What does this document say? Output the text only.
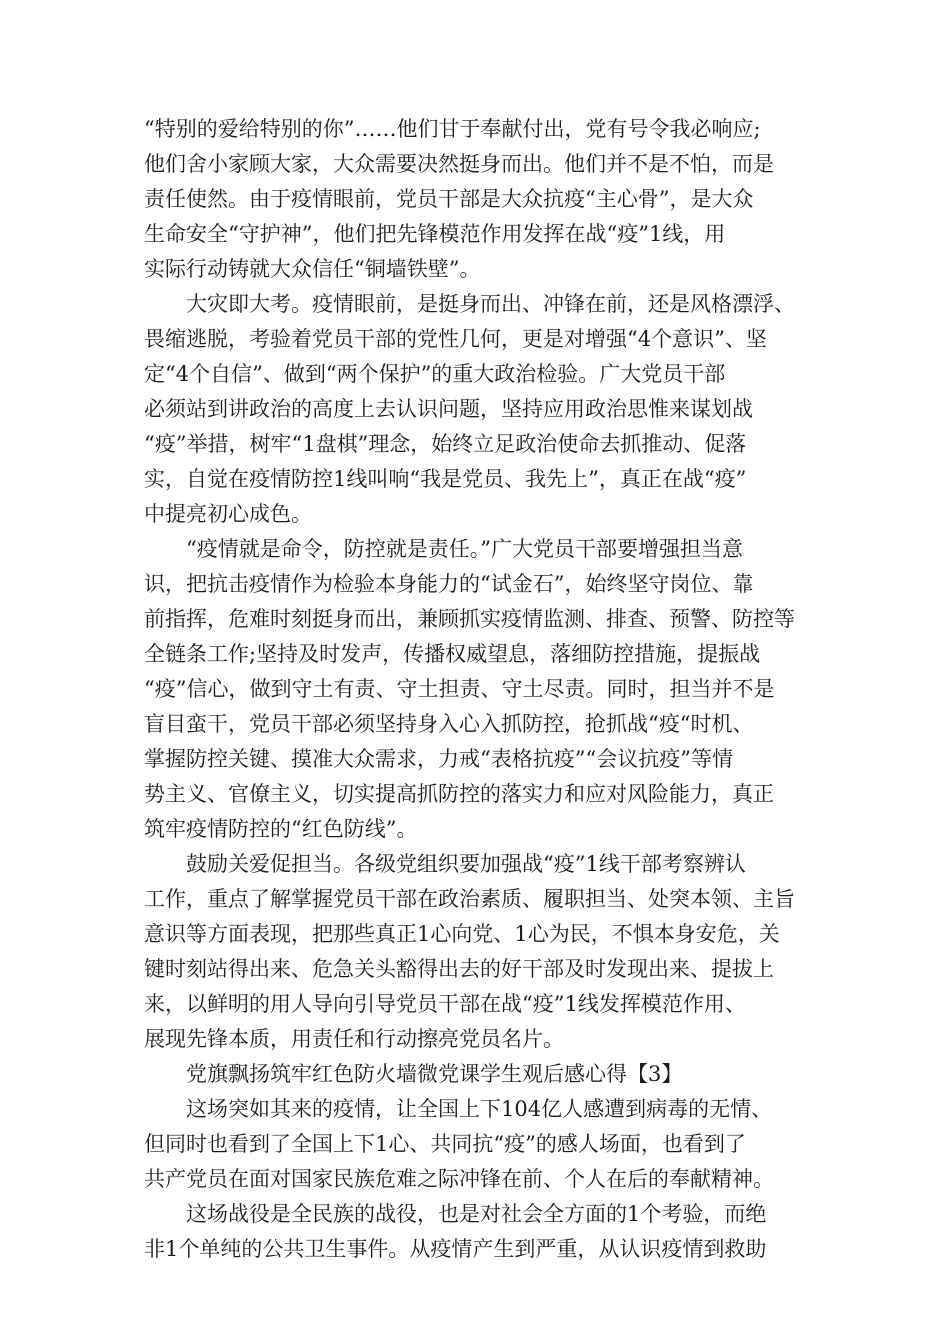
“特别的爱给特别的你”……他们甘于奉献付出，党有号令我必响应;
他们舍小家顾大家，大众需要决然挺身而出。他们并不是不怕，而是
责任使然。由于疫情眼前，党员干部是大众抗疫“主心骨”，是大众
生命安全“守护神”，他们把先锋模范作用发挥在战“疫”1线，用
实际行动铸就大众信任“铜墙铁壁”。
大灾即大考。疫情眼前，是挺身而出、冲锋在前，还是风格漂浮、
畏缩逃脱，考验着党员干部的党性几何，更是对增强“4个意识”、坚
定“4个自信”、做到“两个保护”的重大政治检验。广大党员干部
必须站到讲政治的高度上去认识问题，坚持应用政治思惟来谋划战
“疫”举措，树牢“1盘棋”理念，始终立足政治使命去抓推动、促落
实，自觉在疫情防控1线叫响“我是党员、我先上”，真正在战“疫”
中提亮初心成色。
“疫情就是命令，防控就是责任。”广大党员干部要增强担当意
识，把抗击疫情作为检验本身能力的“试金石”，始终坚守岗位、靠
前指挥，危难时刻挺身而出，兼顾抓实疫情监测、排查、预警、防控等
全链条工作;坚持及时发声，传播权威望息，落细防控措施，提振战
“疫”信心，做到守土有责、守土担责、守土尽责。同时，担当并不是
盲目蛮干，党员干部必须坚持身入心入抓防控，抢抓战“疫“时机、
掌握防控关键、摸准大众需求，力戒“表格抗疫”“会议抗疫”等情
势主义、官僚主义，切实提高抓防控的落实力和应对风险能力，真正
筑牢疫情防控的“红色防线”。
鼓励关爱促担当。各级党组织要加强战“疫”1线干部考察辨认
工作，重点了解掌握党员干部在政治素质、履职担当、处突本领、主旨
意识等方面表现，把那些真正1心向党、1心为民，不惧本身安危，关
键时刻站得出来、危急关头豁得出去的好干部及时发现出来、提拔上
来，以鲜明的用人导向引导党员干部在战“疫”1线发挥模范作用、
展现先锋本质，用责任和行动擦亮党员名片。
党旗飘扬筑牢红色防火墙微党课学生观后感心得【3】
这场突如其来的疫情，让全国上下104亿人感遭到病毒的无情、
但同时也看到了全国上下1心、共同抗“疫”的感人场面，也看到了
共产党员在面对国家民族危难之际冲锋在前、个人在后的奉献精神。
这场战役是全民族的战役，也是对社会全方面的1个考验，而绝
非1个单纯的公共卫生事件。从疫情产生到严重，从认识疫情到救助
